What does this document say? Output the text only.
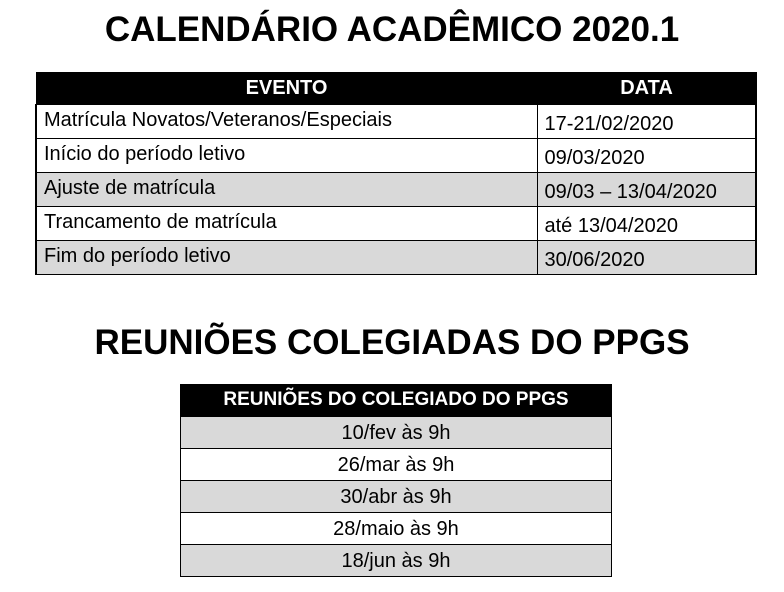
CALENDÁRIO ACADÊMICO 2020.1
EVENTO	DATA
Matrícula Novatos/Veteranos/Especiais	17-21/02/2020
Início do período letivo	09/03/2020
Ajuste de matrícula	09/03 – 13/04/2020
Trancamento de matrícula	até 13/04/2020
Fim do período letivo	30/06/2020
REUNIÕES COLEGIADAS DO PPGS
REUNIÕES DO COLEGIADO DO PPGS
10/fev às 9h
26/mar às 9h
30/abr às 9h
28/maio às 9h
18/jun às 9h
